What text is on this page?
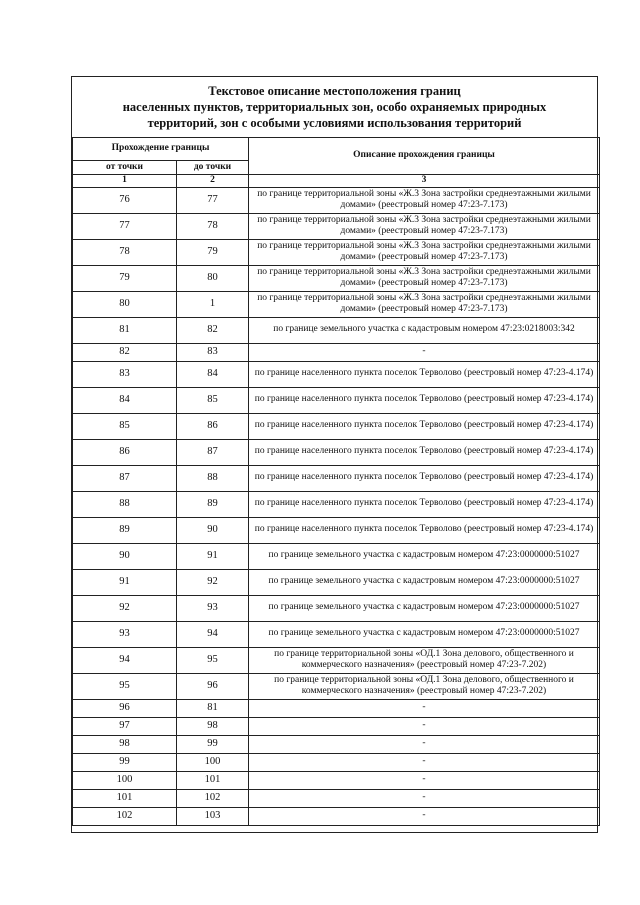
Текстовое описание местоположения границ
населенных пунктов, территориальных зон, особо охраняемых природных
территорий, зон с особыми условиями использования территорий
Прохождение границы		Описание прохождения границы
от точки	до точки	
1	2	3
76	77	по границе территориальной зоны «Ж.3 Зона застройки среднеэтажными жилыми домами» (реестровый номер 47:23-7.173)
77	78	по границе территориальной зоны «Ж.3 Зона застройки среднеэтажными жилыми домами» (реестровый номер 47:23-7.173)
78	79	по границе территориальной зоны «Ж.3 Зона застройки среднеэтажными жилыми домами» (реестровый номер 47:23-7.173)
79	80	по границе территориальной зоны «Ж.3 Зона застройки среднеэтажными жилыми домами» (реестровый номер 47:23-7.173)
80	1	по границе территориальной зоны «Ж.3 Зона застройки среднеэтажными жилыми домами» (реестровый номер 47:23-7.173)
81	82	по границе земельного участка с кадастровым номером 47:23:0218003:342
82	83	-
83	84	по границе населенного пункта поселок Терволово (реестровый номер 47:23-4.174)
84	85	по границе населенного пункта поселок Терволово (реестровый номер 47:23-4.174)
85	86	по границе населенного пункта поселок Терволово (реестровый номер 47:23-4.174)
86	87	по границе населенного пункта поселок Терволово (реестровый номер 47:23-4.174)
87	88	по границе населенного пункта поселок Терволово (реестровый номер 47:23-4.174)
88	89	по границе населенного пункта поселок Терволово (реестровый номер 47:23-4.174)
89	90	по границе населенного пункта поселок Терволово (реестровый номер 47:23-4.174)
90	91	по границе земельного участка с кадастровым номером 47:23:0000000:51027
91	92	по границе земельного участка с кадастровым номером 47:23:0000000:51027
92	93	по границе земельного участка с кадастровым номером 47:23:0000000:51027
93	94	по границе земельного участка с кадастровым номером 47:23:0000000:51027
94	95	по границе территориальной зоны «ОД.1 Зона делового, общественного и коммерческого назначения» (реестровый номер 47:23-7.202)
95	96	по границе территориальной зоны «ОД.1 Зона делового, общественного и коммерческого назначения» (реестровый номер 47:23-7.202)
96	81	-
97	98	-
98	99	-
99	100	-
100	101	-
101	102	-
102	103	-
